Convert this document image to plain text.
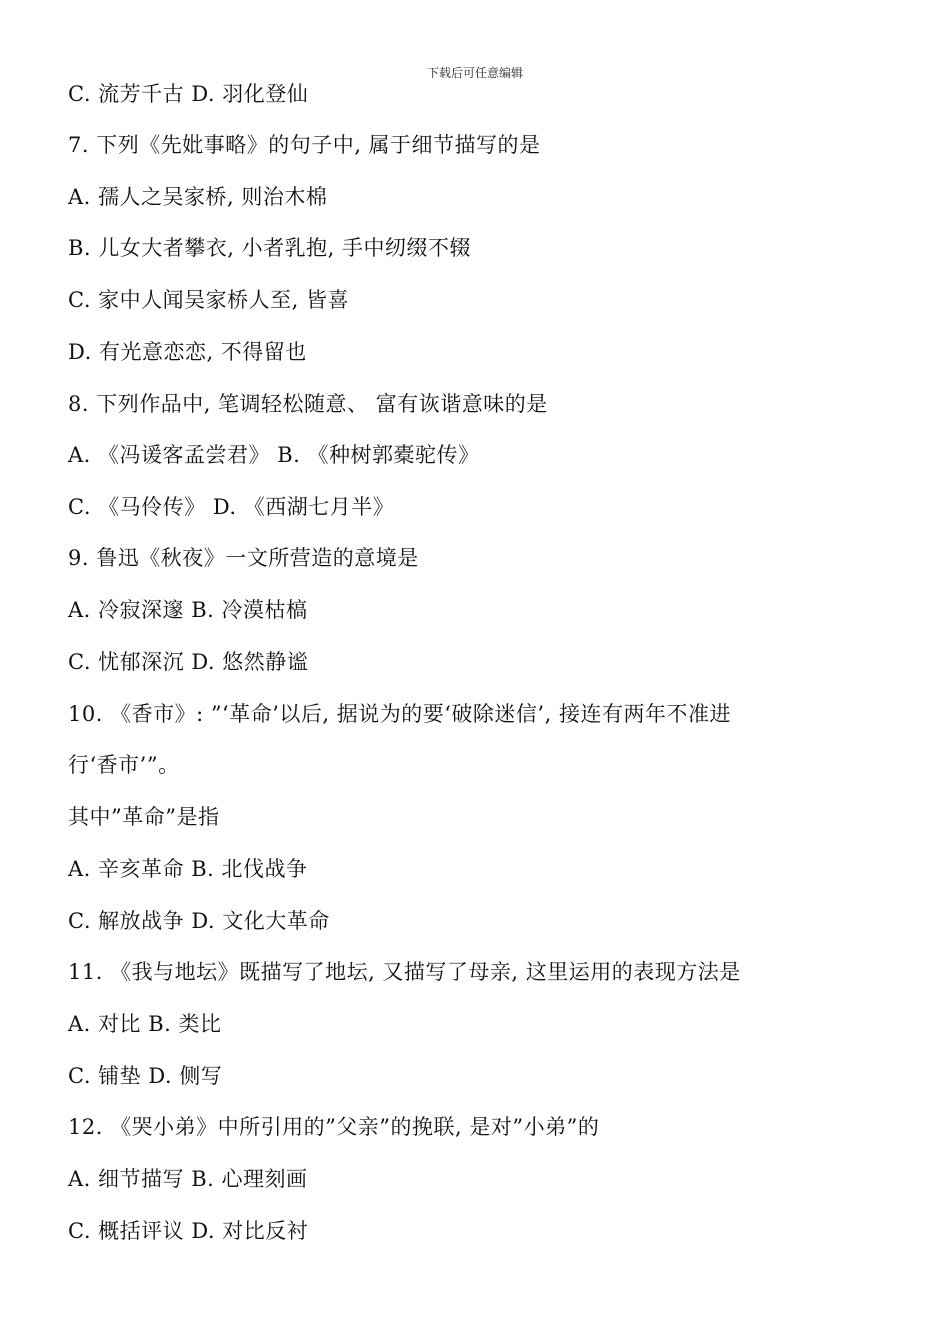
下载后可任意编辑
C. 流芳千古 D. 羽化登仙
7. 下列《先妣事略》的句子中, 属于细节描写的是
A. 孺人之吴家桥, 则治木棉
B. 儿女大者攀衣, 小者乳抱, 手中纫缀不辍
C. 家中人闻吴家桥人至, 皆喜
D. 有光意恋恋, 不得留也
8. 下列作品中, 笔调轻松随意、 富有诙谐意味的是
A. 《冯谖客孟尝君》 B. 《种树郭橐驼传》
C. 《马伶传》 D. 《西湖七月半》
9. 鲁迅《秋夜》一文所营造的意境是
A. 冷寂深邃 B. 冷漠枯槁
C. 忧郁深沉 D. 悠然静谧
10. 《香市》: ”‘革命’以后, 据说为的要‘破除迷信’, 接连有两年不准进
行‘香市’”。
其中”革命”是指
A. 辛亥革命 B. 北伐战争
C. 解放战争 D. 文化大革命
11. 《我与地坛》既描写了地坛, 又描写了母亲, 这里运用的表现方法是
A. 对比 B. 类比
C. 铺垫 D. 侧写
12. 《哭小弟》中所引用的”父亲”的挽联, 是对”小弟”的
A. 细节描写 B. 心理刻画
C. 概括评议 D. 对比反衬
